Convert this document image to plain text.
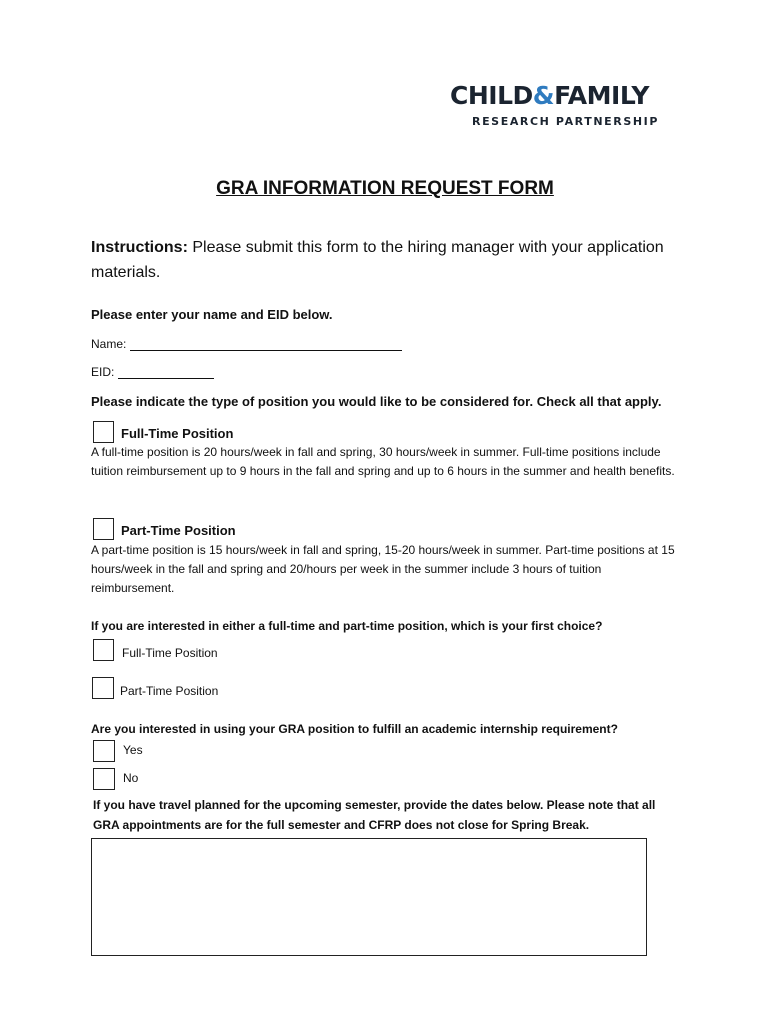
CHILD&FAMILY
RESEARCH PARTNERSHIP
GRA INFORMATION REQUEST FORM
Instructions: Please submit this form to the hiring manager with your application materials.
Please enter your name and EID below.
Name:
EID:
Please indicate the type of position you would like to be considered for. Check all that apply.
Full-Time Position
A full-time position is 20 hours/week in fall and spring, 30 hours/week in summer. Full-time positions include tuition reimbursement up to 9 hours in the fall and spring and up to 6 hours in the summer and health benefits.
Part-Time Position
A part-time position is 15 hours/week in fall and spring, 15-20 hours/week in summer. Part-time positions at 15 hours/week in the fall and spring and 20/hours per week in the summer include 3 hours of tuition reimbursement.
If you are interested in either a full-time and part-time position, which is your first choice?
Full-Time Position
Part-Time Position
Are you interested in using your GRA position to fulfill an academic internship requirement?
Yes
No
If you have travel planned for the upcoming semester, provide the dates below. Please note that all
GRA appointments are for the full semester and CFRP does not close for Spring Break.
